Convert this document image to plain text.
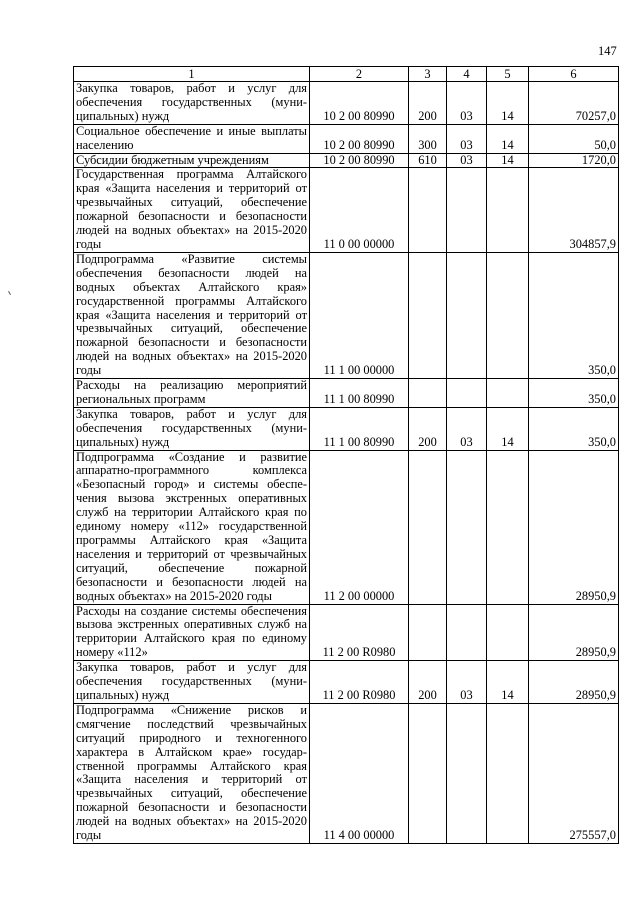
147
1	2	3	4	5	6
Закупка товаров, работ и услуг для обеспечения государственных (муниципальных) нужд	10 2 00 80990	200	03	14	70257,0
Социальное обеспечение и иные выплаты населению	10 2 00 80990	300	03	14	50,0
Субсидии бюджетным учреждениям	10 2 00 80990	610	03	14	1720,0
Государственная программа Алтайского края «Защита населения и территорий от чрезвычайных ситуаций, обеспечение пожарной безопасности и безопасности людей на водных объектах» на 2015-2020 годы	11 0 00 00000				304857,9
Подпрограмма «Развитие системы обеспечения безопасности людей на водных объектах Алтайского края» государственной программы Алтайского края «Защита населения и территорий от чрезвычайных ситуаций, обеспечение пожарной безопасности и безопасности людей на водных объектах» на 2015-2020 годы	11 1 00 00000				350,0
Расходы на реализацию мероприятий региональных программ	11 1 00 80990				350,0
Закупка товаров, работ и услуг для обеспечения государственных (муниципальных) нужд	11 1 00 80990	200	03	14	350,0
Подпрограмма «Создание и развитие аппаратно-программного комплекса «Безопасный город» и системы обеспечения вызова экстренных оперативных служб на территории Алтайского края по единому номеру «112» государственной программы Алтайского края «Защита населения и территорий от чрезвычайных ситуаций, обеспечение пожарной безопасности и безопасности людей на водных объектах» на 2015-2020 годы	11 2 00 00000				28950,9
Расходы на создание системы обеспечения вызова экстренных оперативных служб на территории Алтайского края по единому номеру «112»	11 2 00 R0980				28950,9
Закупка товаров, работ и услуг для обеспечения государственных (муниципальных) нужд	11 2 00 R0980	200	03	14	28950,9
Подпрограмма «Снижение рисков и смягчение последствий чрезвычайных ситуаций природного и техногенного характера в Алтайском крае» государственной программы Алтайского края «Защита населения и территорий от чрезвычайных ситуаций, обеспечение пожарной безопасности и безопасности людей на водных объектах» на 2015-2020 годы	11 4 00 00000				275557,0
